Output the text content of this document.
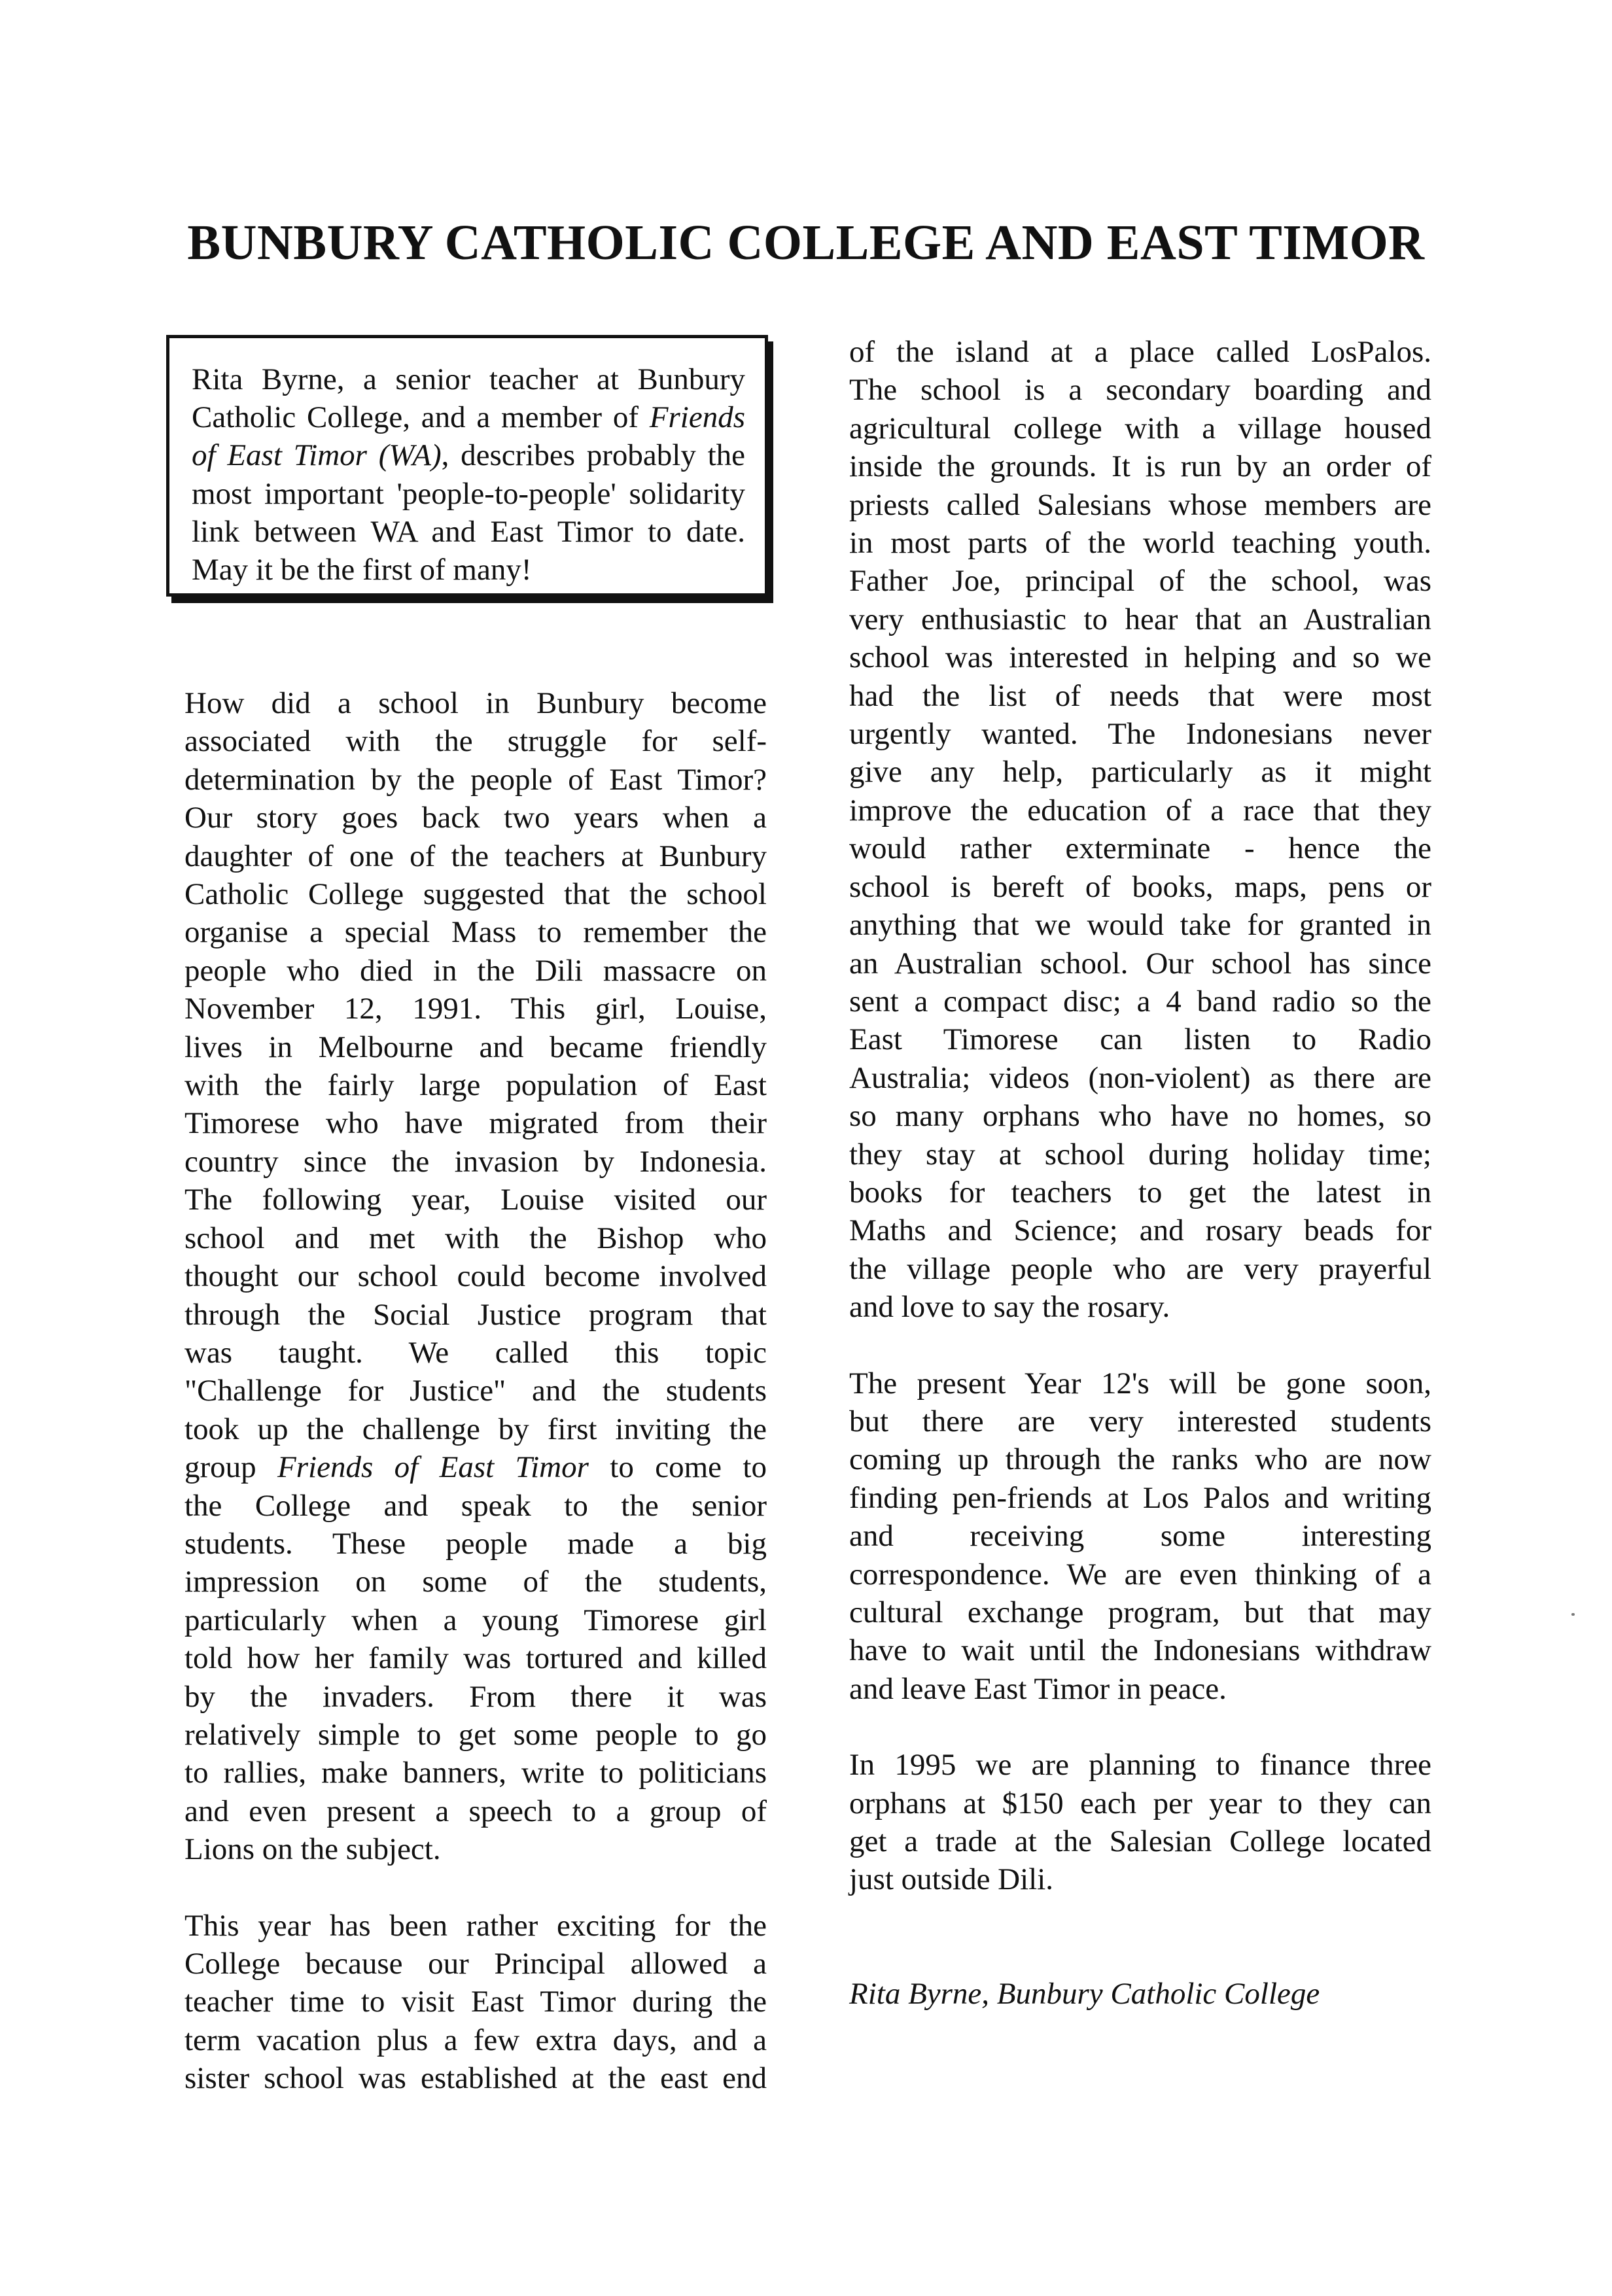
BUNBURY CATHOLIC COLLEGE AND EAST TIMOR
Rita Byrne, a senior teacher at Bunbury
Catholic College, and a member of Friends
of East Timor (WA), describes probably the
most important 'people-to-people' solidarity
link between WA and East Timor to date.
May it be the first of many!
How did a school in Bunbury become
associated with the struggle for self-
determination by the people of East Timor?
Our story goes back two years when a
daughter of one of the teachers at Bunbury
Catholic College suggested that the school
organise a special Mass to remember the
people who died in the Dili massacre on
November 12, 1991. This girl, Louise,
lives in Melbourne and became friendly
with the fairly large population of East
Timorese who have migrated from their
country since the invasion by Indonesia.
The following year, Louise visited our
school and met with the Bishop who
thought our school could become involved
through the Social Justice program that
was taught. We called this topic
"Challenge for Justice" and the students
took up the challenge by first inviting the
group Friends of East Timor to come to
the College and speak to the senior
students. These people made a big
impression on some of the students,
particularly when a young Timorese girl
told how her family was tortured and killed
by the invaders. From there it was
relatively simple to get some people to go
to rallies, make banners, write to politicians
and even present a speech to a group of
Lions on the subject.
This year has been rather exciting for the
College because our Principal allowed a
teacher time to visit East Timor during the
term vacation plus a few extra days, and a
sister school was established at the east end
of the island at a place called LosPalos.
The school is a secondary boarding and
agricultural college with a village housed
inside the grounds. It is run by an order of
priests called Salesians whose members are
in most parts of the world teaching youth.
Father Joe, principal of the school, was
very enthusiastic to hear that an Australian
school was interested in helping and so we
had the list of needs that were most
urgently wanted. The Indonesians never
give any help, particularly as it might
improve the education of a race that they
would rather exterminate - hence the
school is bereft of books, maps, pens or
anything that we would take for granted in
an Australian school. Our school has since
sent a compact disc; a 4 band radio so the
East Timorese can listen to Radio
Australia; videos (non-violent) as there are
so many orphans who have no homes, so
they stay at school during holiday time;
books for teachers to get the latest in
Maths and Science; and rosary beads for
the village people who are very prayerful
and love to say the rosary.
The present Year 12's will be gone soon,
but there are very interested students
coming up through the ranks who are now
finding pen-friends at Los Palos and writing
and receiving some interesting
correspondence. We are even thinking of a
cultural exchange program, but that may
have to wait until the Indonesians withdraw
and leave East Timor in peace.
In 1995 we are planning to finance three
orphans at $150 each per year to they can
get a trade at the Salesian College located
just outside Dili.
Rita Byrne, Bunbury Catholic College
